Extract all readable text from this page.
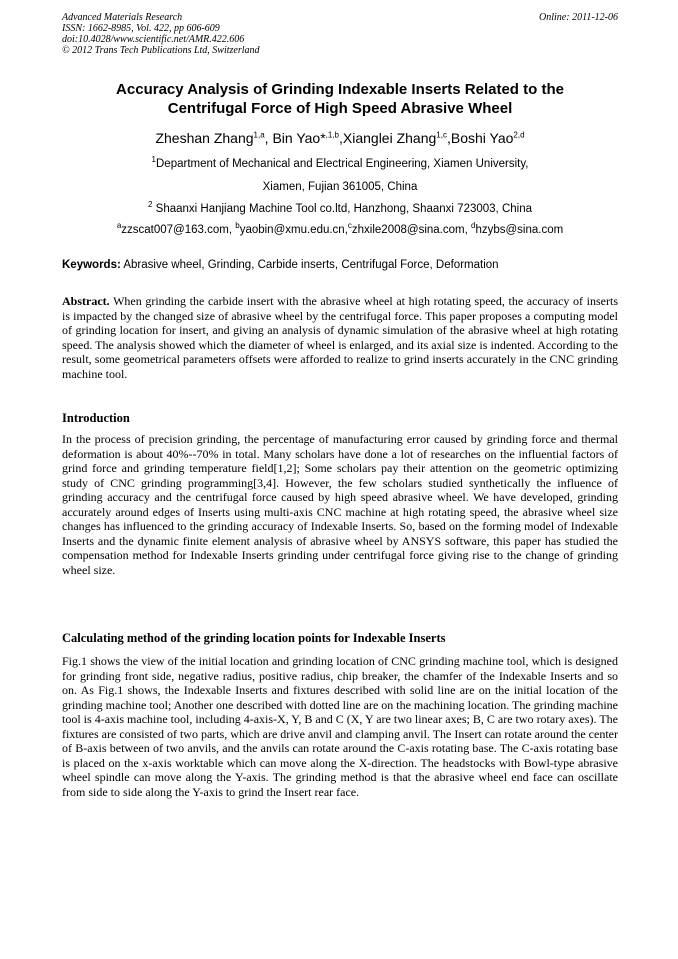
Advanced Materials Research
ISSN: 1662-8985, Vol. 422, pp 606-609
doi:10.4028/www.scientific.net/AMR.422.606
© 2012 Trans Tech Publications Ltd, Switzerland
Online: 2011-12-06
Accuracy Analysis of Grinding Indexable Inserts Related to the
Centrifugal Force of High Speed Abrasive Wheel
Zheshan Zhang$^{1,a}$, Bin Yao*$^{,1,b}$,Xianglei Zhang$^{1,c}$,Boshi Yao$^{2,d}$
$^1$Department of Mechanical and Electrical Engineering, Xiamen University,
Xiamen, Fujian 361005, China
$^2$ Shaanxi Hanjiang Machine Tool co.ltd, Hanzhong, Shaanxi 723003, China
$^a$zzscat007@163.com, $^b$yaobin@xmu.edu.cn,$^c$zhxile2008@sina.com, $^d$hzybs@sina.com
Keywords: Abrasive wheel, Grinding, Carbide inserts, Centrifugal Force, Deformation
Abstract. When grinding the carbide insert with the abrasive wheel at high rotating speed, the accuracy of inserts is impacted by the changed size of abrasive wheel by the centrifugal force. This paper proposes a computing model of grinding location for insert, and giving an analysis of dynamic simulation of the abrasive wheel at high rotating speed. The analysis showed which the diameter of wheel is enlarged, and its axial size is indented. According to the result, some geometrical parameters offsets were afforded to realize to grind inserts accurately in the CNC grinding machine tool.
Introduction
In the process of precision grinding, the percentage of manufacturing error caused by grinding force and thermal deformation is about 40%--70% in total. Many scholars have done a lot of researches on the influential factors of grind force and grinding temperature field[1,2]; Some scholars pay their attention on the geometric optimizing study of CNC grinding programming[3,4]. However, the few scholars studied synthetically the influence of grinding accuracy and the centrifugal force caused by high speed abrasive wheel. We have developed, grinding accurately around edges of Inserts using multi-axis CNC machine at high rotating speed, the abrasive wheel size changes has influenced to the grinding accuracy of Indexable Inserts. So, based on the forming model of Indexable Inserts and the dynamic finite element analysis of abrasive wheel by ANSYS software, this paper has studied the compensation method for Indexable Inserts grinding under centrifugal force giving rise to the change of grinding wheel size.
Calculating method of the grinding location points for Indexable Inserts
Fig.1 shows the view of the initial location and grinding location of CNC grinding machine tool, which is designed for grinding front side, negative radius, positive radius, chip breaker, the chamfer of the Indexable Inserts and so on. As Fig.1 shows, the Indexable Inserts and fixtures described with solid line are on the initial location of the grinding machine tool; Another one described with dotted line are on the machining location. The grinding machine tool is 4-axis machine tool, including 4-axis-X, Y, B and C (X, Y are two linear axes; B, C are two rotary axes). The fixtures are consisted of two parts, which are drive anvil and clamping anvil. The Insert can rotate around the center of B-axis between of two anvils, and the anvils can rotate around the C-axis rotating base. The C-axis rotating base is placed on the x-axis worktable which can move along the X-direction. The headstocks with Bowl-type abrasive wheel spindle can move along the Y-axis. The grinding method is that the abrasive wheel end face can oscillate from side to side along the Y-axis to grind the Insert rear face.
